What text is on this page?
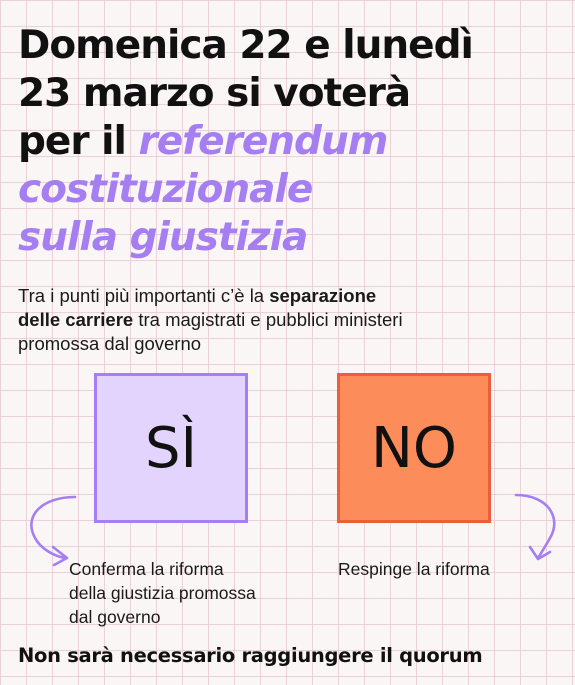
Domenica 22 e lunedì
23 marzo si voterà
per il referendum
costituzionale
sulla giustizia

Tra i punti più importanti c’è la separazione
delle carriere tra magistrati e pubblici ministeri
promossa dal governo

SÌ	NO

Conferma la riforma
della giustizia promossa
dal governo

Respinge la riforma

Non sarà necessario raggiungere il quorum
